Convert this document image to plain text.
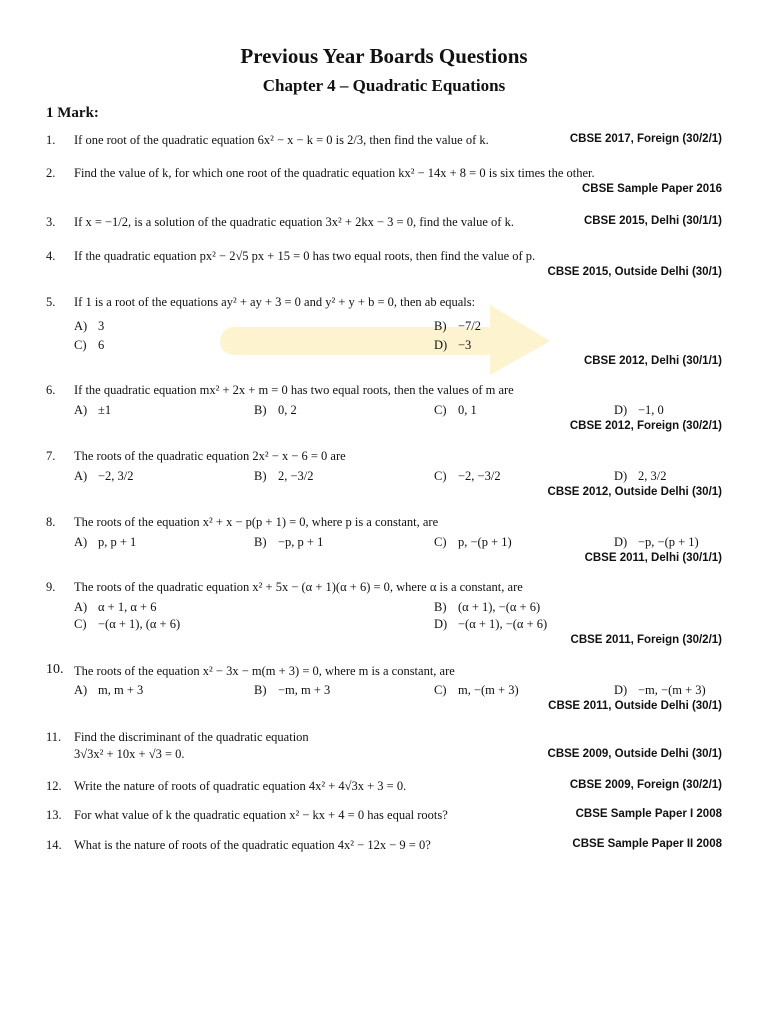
Previous Year Boards Questions
Chapter 4 – Quadratic Equations
1 Mark:
1. If one root of the quadratic equation 6x² − x − k = 0 is 2/3, then find the value of k.	CBSE 2017, Foreign (30/2/1)
2. Find the value of k, for which one root of the quadratic equation kx² − 14x + 8 = 0 is six times the other.
CBSE Sample Paper 2016
3. If x = −1/2, is a solution of the quadratic equation 3x² + 2kx − 3 = 0, find the value of k.	CBSE 2015, Delhi (30/1/1)
4. If the quadratic equation px² − 2√5 px + 15 = 0 has two equal roots, then find the value of p.
CBSE 2015, Outside Delhi (30/1)
5. If 1 is a root of the equations ay² + ay + 3 = 0 and y² + y + b = 0, then ab equals:
A) 3	B) −7/2
C) 6	D) −3
CBSE 2012, Delhi (30/1/1)
6. If the quadratic equation mx² + 2x + m = 0 has two equal roots, then the values of m are
A) ±1	B) 0, 2	C) 0, 1	D) −1, 0
CBSE 2012, Foreign (30/2/1)
7. The roots of the quadratic equation 2x² − x − 6 = 0 are
A) −2, 3/2	B) 2, −3/2	C) −2, −3/2	D) 2, 3/2
CBSE 2012, Outside Delhi (30/1)
8. The roots of the equation x² + x − p(p + 1) = 0, where p is a constant, are
A) p, p + 1	B) −p, p + 1	C) p, −(p + 1)	D) −p, −(p + 1)
CBSE 2011, Delhi (30/1/1)
9. The roots of the quadratic equation x² + 5x − (α + 1)(α + 6) = 0, where α is a constant, are
A) α + 1, α + 6	B) (α + 1), −(α + 6)
C) −(α + 1), (α + 6)	D) −(α + 1), −(α + 6)
CBSE 2011, Foreign (30/2/1)
10. The roots of the equation x² − 3x − m(m + 3) = 0, where m is a constant, are
A) m, m + 3	B) −m, m + 3	C) m, −(m + 3)	D) −m, −(m + 3)
CBSE 2011, Outside Delhi (30/1)
11. Find the discriminant of the quadratic equation
3√3x² + 10x + √3 = 0.	CBSE 2009, Outside Delhi (30/1)
12. Write the nature of roots of quadratic equation 4x² + 4√3x + 3 = 0.	CBSE 2009, Foreign (30/2/1)
13. For what value of k the quadratic equation x² − kx + 4 = 0 has equal roots?	CBSE Sample Paper I 2008
14. What is the nature of roots of the quadratic equation 4x² − 12x − 9 = 0?	CBSE Sample Paper II 2008
